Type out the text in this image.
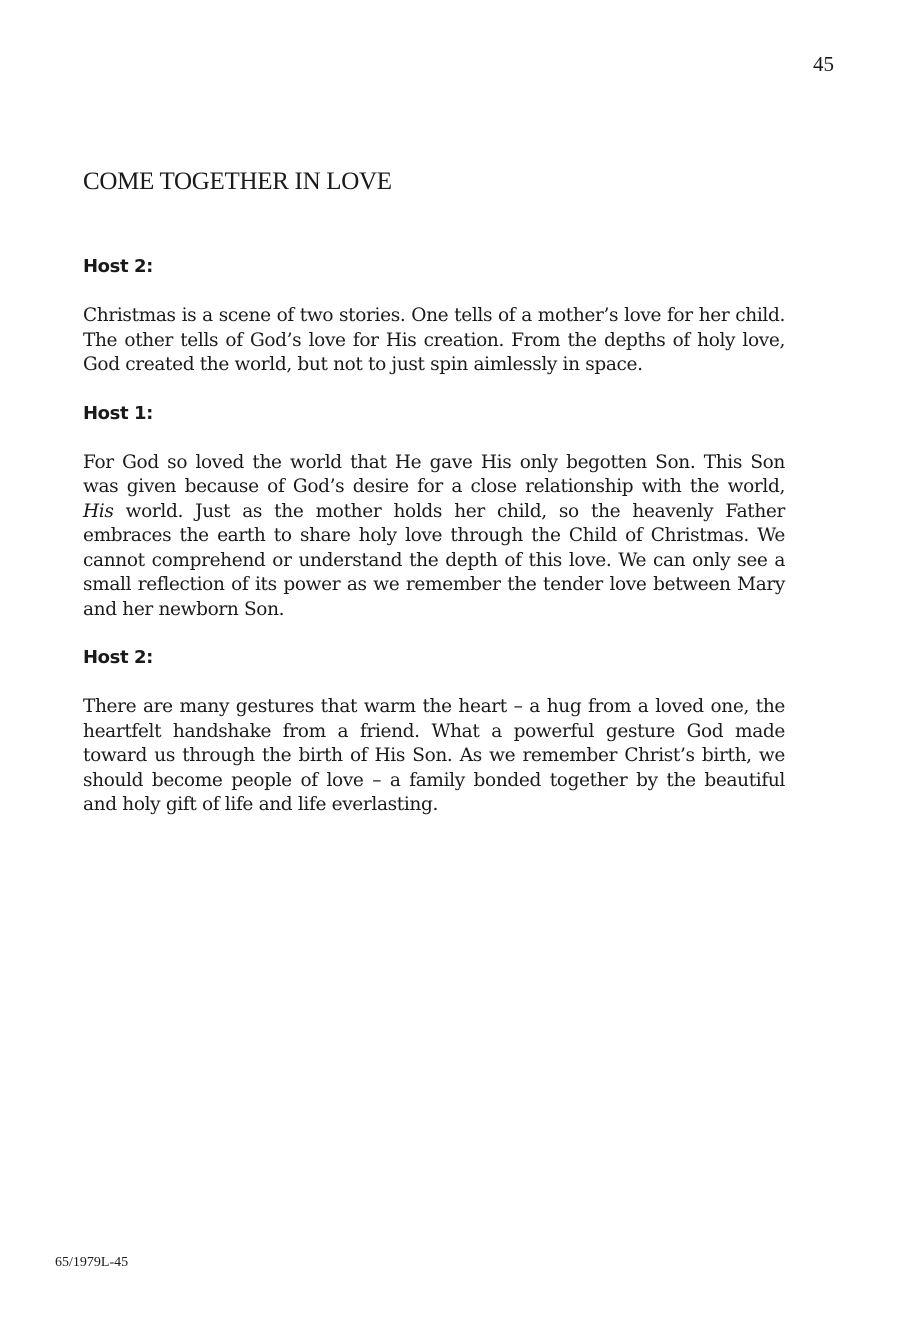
45
COME TOGETHER IN LOVE

Host 2:

Christmas is a scene of two stories. One tells of a mother’s love for her child. The other tells of God’s love for His creation. From the depths of holy love, God created the world, but not to just spin aimlessly in space.

Host 1:

For God so loved the world that He gave His only begotten Son. This Son was given because of God’s desire for a close relationship with the world, His world. Just as the mother holds her child, so the heavenly Father embraces the earth to share holy love through the Child of Christmas. We cannot comprehend or understand the depth of this love. We can only see a small reflection of its power as we remember the tender love between Mary and her newborn Son.

Host 2:

There are many gestures that warm the heart – a hug from a loved one, the heartfelt handshake from a friend. What a powerful gesture God made toward us through the birth of His Son. As we remember Christ’s birth, we should become people of love – a family bonded together by the beautiful and holy gift of life and life everlasting.

65/1979L-45
